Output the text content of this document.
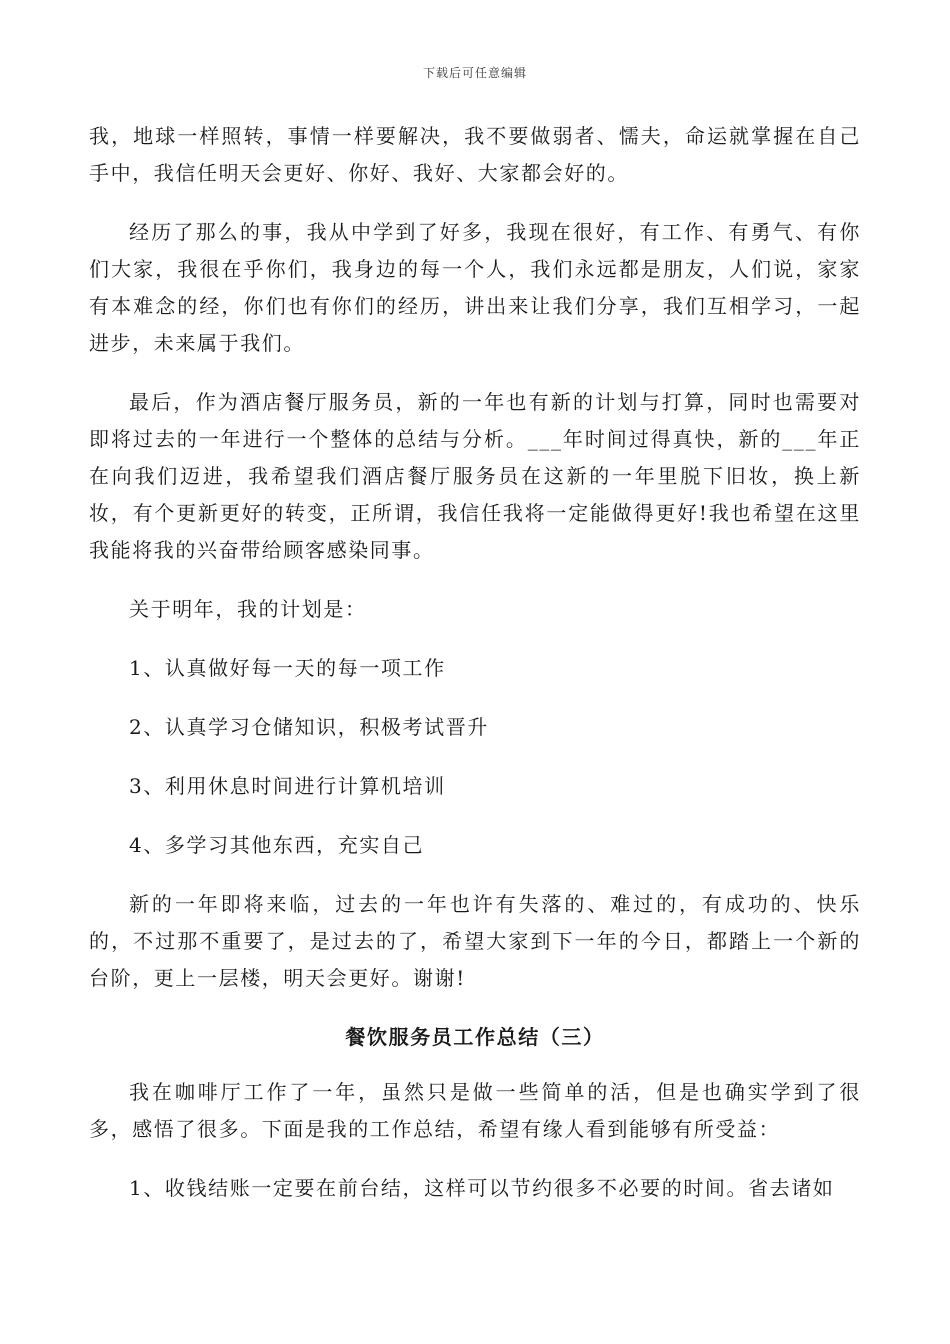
下载后可任意编辑

我，地球一样照转，事情一样要解决，我不要做弱者、懦夫，命运就掌握在自己手中，我信任明天会更好、你好、我好、大家都会好的。

经历了那么的事，我从中学到了好多，我现在很好，有工作、有勇气、有你们大家，我很在乎你们，我身边的每一个人，我们永远都是朋友，人们说，家家有本难念的经，你们也有你们的经历，讲出来让我们分享，我们互相学习，一起进步，未来属于我们。

最后，作为酒店餐厅服务员，新的一年也有新的计划与打算，同时也需要对即将过去的一年进行一个整体的总结与分析。___年时间过得真快，新的___年正在向我们迈进，我希望我们酒店餐厅服务员在这新的一年里脱下旧妆，换上新妆，有个更新更好的转变，正所谓，我信任我将一定能做得更好!我也希望在这里我能将我的兴奋带给顾客感染同事。

关于明年，我的计划是：

1、认真做好每一天的每一项工作

2、认真学习仓储知识，积极考试晋升

3、利用休息时间进行计算机培训

4、多学习其他东西，充实自己

新的一年即将来临，过去的一年也许有失落的、难过的，有成功的、快乐的，不过那不重要了，是过去的了，希望大家到下一年的今日，都踏上一个新的台阶，更上一层楼，明天会更好。谢谢!

餐饮服务员工作总结（三）

我在咖啡厅工作了一年，虽然只是做一些简单的活，但是也确实学到了很多，感悟了很多。下面是我的工作总结，希望有缘人看到能够有所受益：

1、收钱结账一定要在前台结，这样可以节约很多不必要的时间。省去诸如
